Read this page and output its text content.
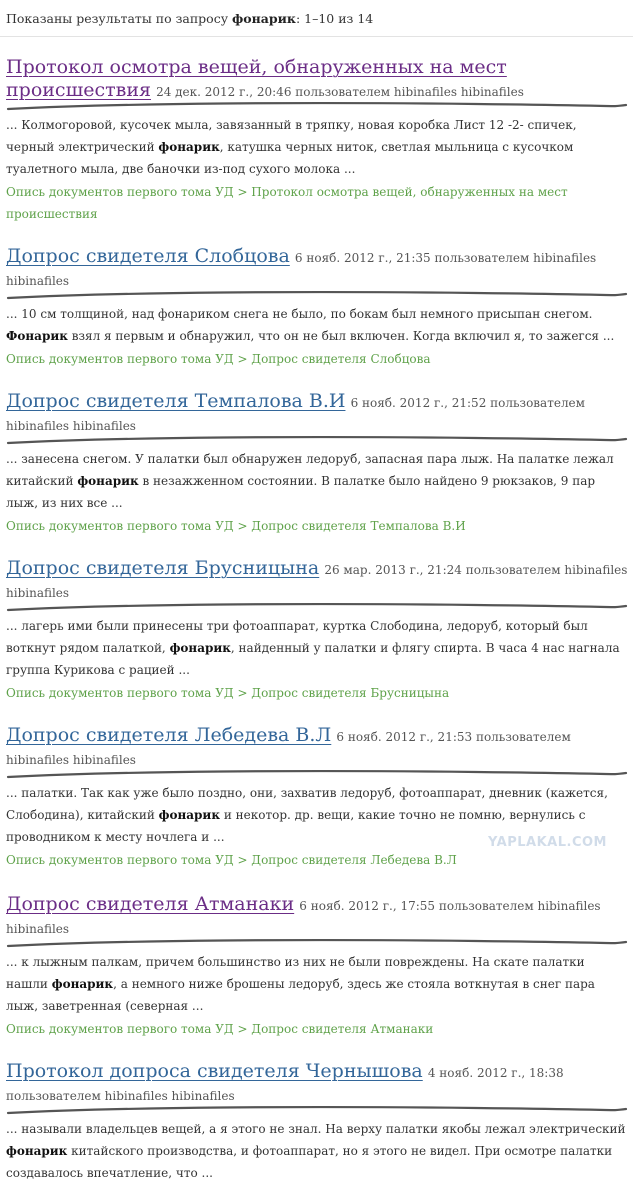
Показаны результаты по запросу фонарик: 1–10 из 14
Протокол осмотра вещей, обнаруженных на мест происшествия 24 дек. 2012 г., 20:46 пользователем hibinafiles hibinafiles
... Колмогоровой, кусочек мыла, завязанный в тряпку, новая коробка Лист 12 -2- спичек, черный электрический фонарик, катушка черных ниток, светлая мыльница с кусочком туалетного мыла, две баночки из-под сухого молока ...
Опись документов первого тома УД > Протокол осмотра вещей, обнаруженных на мест происшествия
Допрос свидетеля Слобцова 6 нояб. 2012 г., 21:35 пользователем hibinafiles hibinafiles
... 10 см толщиной, над фонариком снега не было, по бокам был немного присыпан снегом. Фонарик взял я первым и обнаружил, что он не был включен. Когда включил я, то зажегся ...
Опись документов первого тома УД > Допрос свидетеля Слобцова
Допрос свидетеля Темпалова В.И 6 нояб. 2012 г., 21:52 пользователем hibinafiles hibinafiles
... занесена снегом. У палатки был обнаружен ледоруб, запасная пара лыж. На палатке лежал китайский фонарик в незажженном состоянии. В палатке было найдено 9 рюкзаков, 9 пар лыж, из них все ...
Опись документов первого тома УД > Допрос свидетеля Темпалова В.И
Допрос свидетеля Брусницына 26 мар. 2013 г., 21:24 пользователем hibinafiles hibinafiles
... лагерь ими были принесены три фотоаппарат, куртка Слободина, ледоруб, который был воткнут рядом палаткой, фонарик, найденный у палатки и флягу спирта. В часа 4 нас нагнала группа Курикова с рацией ...
Опись документов первого тома УД > Допрос свидетеля Брусницына
Допрос свидетеля Лебедева В.Л 6 нояб. 2012 г., 21:53 пользователем hibinafiles hibinafiles
... палатки. Так как уже было поздно, они, захватив ледоруб, фотоаппарат, дневник (кажется, Слободина), китайский фонарик и некотор. др. вещи, какие точно не помню, вернулись с проводником к месту ночлега и ...
Опись документов первого тома УД > Допрос свидетеля Лебедева В.Л
Допрос свидетеля Атманаки 6 нояб. 2012 г., 17:55 пользователем hibinafiles hibinafiles
... к лыжным палкам, причем большинство из них не были повреждены. На скате палатки нашли фонарик, а немного ниже брошены ледоруб, здесь же стояла воткнутая в снег пара лыж, заветренная (северная ...
Опись документов первого тома УД > Допрос свидетеля Атманаки
Протокол допроса свидетеля Чернышова 4 нояб. 2012 г., 18:38 пользователем hibinafiles hibinafiles
... называли владельцев вещей, а я этого не знал. На верху палатки якобы лежал электрический фонарик китайского производства, и фотоаппарат, но я этого не видел. При осмотре палатки создавалось впечатление, что ...
YAPLAKAL.COM
